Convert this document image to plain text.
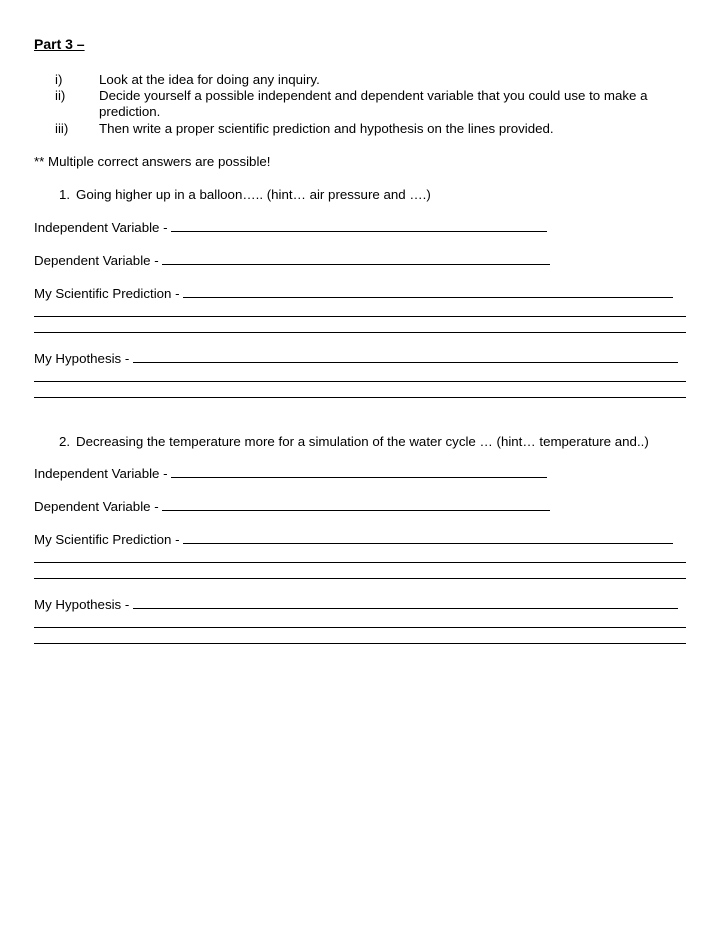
Part 3 –
i)	Look at the idea for doing any inquiry.
ii)	Decide yourself a possible independent and dependent variable that you could use to make a
prediction.
iii) Then write a proper scientific prediction and hypothesis on the lines provided.
** Multiple correct answers are possible!
1. Going higher up in a balloon….. (hint… air pressure and ….)
Independent Variable -
Dependent Variable -
My Scientific Prediction -
My Hypothesis -
2. Decreasing the temperature more for a simulation of the water cycle … (hint… temperature and..)
Independent Variable -
Dependent Variable -
My Scientific Prediction -
My Hypothesis -
